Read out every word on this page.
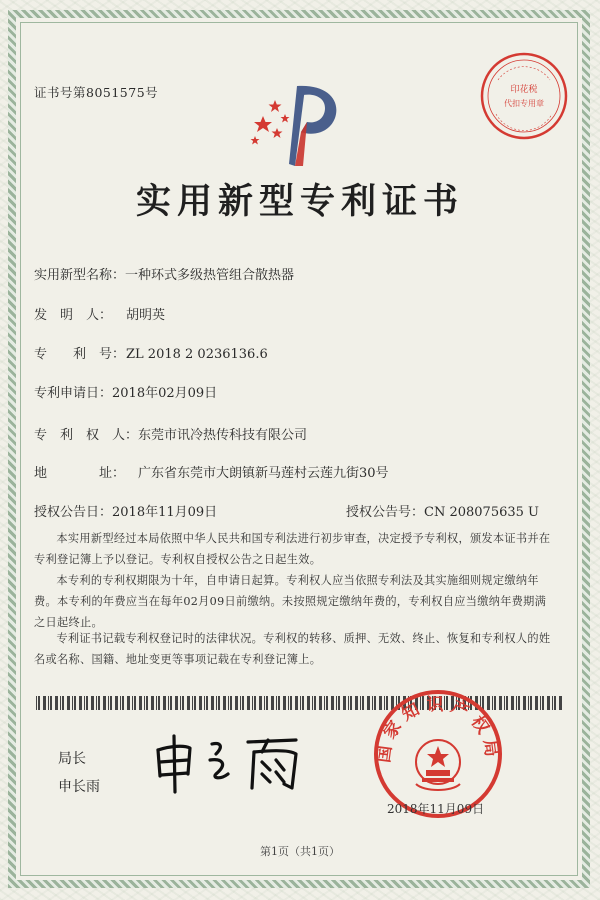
证书号第8051575号	印花税
代扣专用章
实用新型专利证书
实用新型名称：一种环式多级热管组合散热器
发　明　人： 胡明英
专　　利　号：ZL 2018 2 0236136.6
专利申请日：2018年02月09日
专　利　权　人：东莞市讯冷热传科技有限公司
地　　　　址： 广东省东莞市大朗镇新马莲村云莲九街30号
授权公告日：2018年11月09日	授权公告号：CN 208075635 U
本实用新型经过本局依照中华人民共和国专利法进行初步审查，决定授予专利权，颁发本证书并在专利登记簿上予以登记。专利权自授权公告之日起生效。
本专利的专利权期限为十年，自申请日起算。专利权人应当依照专利法及其实施细则规定缴纳年费。本专利的年费应当在每年02月09日前缴纳。未按照规定缴纳年费的，专利权自应当缴纳年费期满之日起终止。
专利证书记载专利权登记时的法律状况。专利权的转移、质押、无效、终止、恢复和专利权人的姓名或名称、国籍、地址变更等事项记载在专利登记簿上。
局长
申长雨
国家知识产权局
2018年11月09日
第1页（共1页）
